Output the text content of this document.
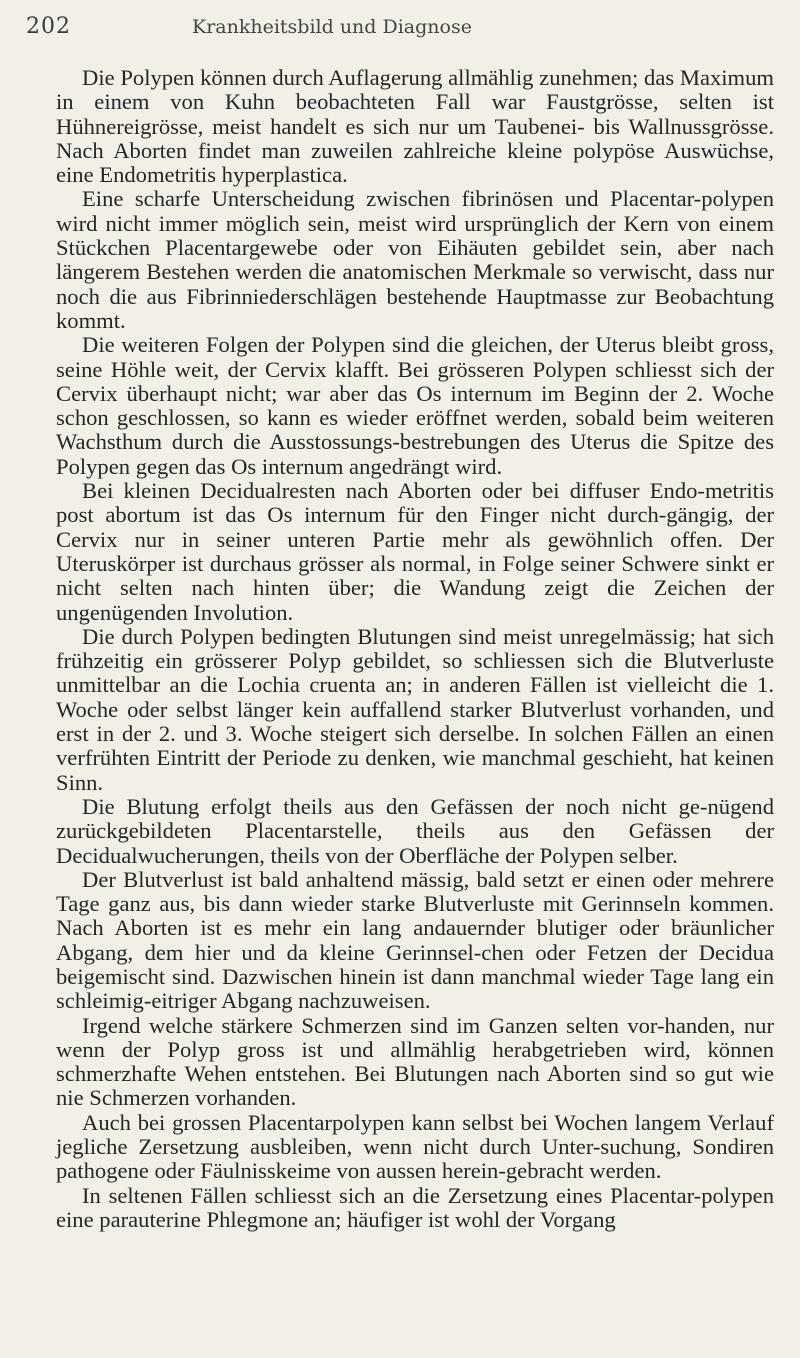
202	Krankheitsbild und Diagnose

Die Polypen können durch Auflagerung allmählig zunehmen; das Maximum in einem von Kuhn beobachteten Fall war Faustgrösse, selten ist Hühnereigrösse, meist handelt es sich nur um Taubenei- bis Wallnussgrösse. Nach Aborten findet man zuweilen zahlreiche kleine polypöse Auswüchse, eine Endometritis hyperplastica.

Eine scharfe Unterscheidung zwischen fibrinösen und Placentar-polypen wird nicht immer möglich sein, meist wird ursprünglich der Kern von einem Stückchen Placentargewebe oder von Eihäuten gebildet sein, aber nach längerem Bestehen werden die anatomischen Merkmale so verwischt, dass nur noch die aus Fibrinniederschlägen bestehende Hauptmasse zur Beobachtung kommt.

Die weiteren Folgen der Polypen sind die gleichen, der Uterus bleibt gross, seine Höhle weit, der Cervix klafft. Bei grösseren Polypen schliesst sich der Cervix überhaupt nicht; war aber das Os internum im Beginn der 2. Woche schon geschlossen, so kann es wieder eröffnet werden, sobald beim weiteren Wachsthum durch die Ausstossungs-bestrebungen des Uterus die Spitze des Polypen gegen das Os internum angedrängt wird.

Bei kleinen Decidualresten nach Aborten oder bei diffuser Endo-metritis post abortum ist das Os internum für den Finger nicht durch-gängig, der Cervix nur in seiner unteren Partie mehr als gewöhnlich offen. Der Uteruskörper ist durchaus grösser als normal, in Folge seiner Schwere sinkt er nicht selten nach hinten über; die Wandung zeigt die Zeichen der ungenügenden Involution.

Die durch Polypen bedingten Blutungen sind meist unregelmässig; hat sich frühzeitig ein grösserer Polyp gebildet, so schliessen sich die Blutverluste unmittelbar an die Lochia cruenta an; in anderen Fällen ist vielleicht die 1. Woche oder selbst länger kein auffallend starker Blutverlust vorhanden, und erst in der 2. und 3. Woche steigert sich derselbe. In solchen Fällen an einen verfrühten Eintritt der Periode zu denken, wie manchmal geschieht, hat keinen Sinn.

Die Blutung erfolgt theils aus den Gefässen der noch nicht ge-nügend zurückgebildeten Placentarstelle, theils aus den Gefässen der Decidualwucherungen, theils von der Oberfläche der Polypen selber.

Der Blutverlust ist bald anhaltend mässig, bald setzt er einen oder mehrere Tage ganz aus, bis dann wieder starke Blutverluste mit Gerinnseln kommen. Nach Aborten ist es mehr ein lang andauernder blutiger oder bräunlicher Abgang, dem hier und da kleine Gerinnsel-chen oder Fetzen der Decidua beigemischt sind. Dazwischen hinein ist dann manchmal wieder Tage lang ein schleimig-eitriger Abgang nachzuweisen.

Irgend welche stärkere Schmerzen sind im Ganzen selten vor-handen, nur wenn der Polyp gross ist und allmählig herabgetrieben wird, können schmerzhafte Wehen entstehen. Bei Blutungen nach Aborten sind so gut wie nie Schmerzen vorhanden.

Auch bei grossen Placentarpolypen kann selbst bei Wochen langem Verlauf jegliche Zersetzung ausbleiben, wenn nicht durch Unter-suchung, Sondiren pathogene oder Fäulnisskeime von aussen herein-gebracht werden.

In seltenen Fällen schliesst sich an die Zersetzung eines Placentar-polypen eine parauterine Phlegmone an; häufiger ist wohl der Vorgang
